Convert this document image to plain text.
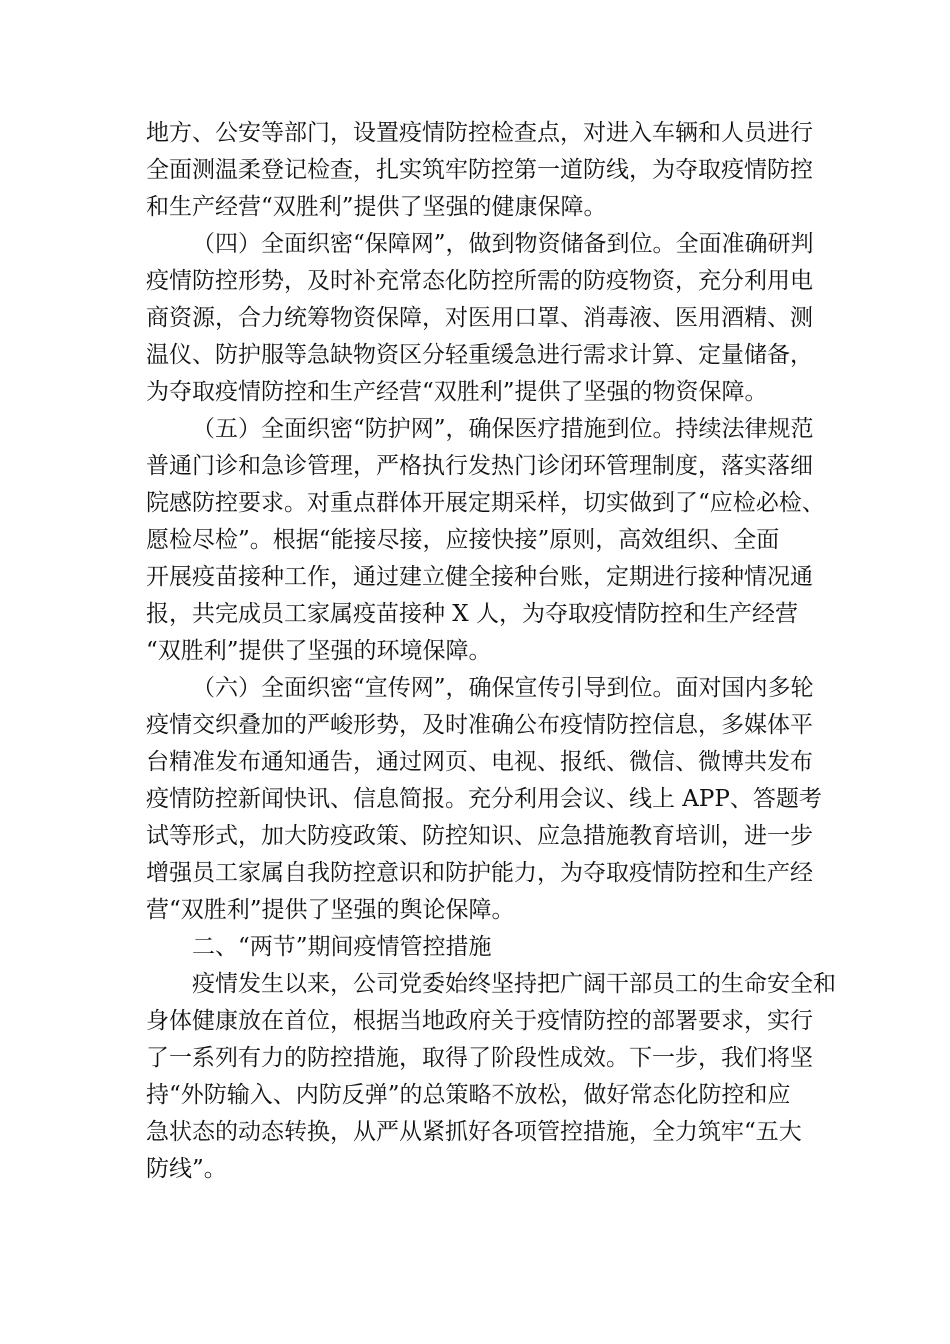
地方、公安等部门，设置疫情防控检查点，对进入车辆和人员进行
全面测温柔登记检查，扎实筑牢防控第一道防线，为夺取疫情防控
和生产经营“双胜利”提供了坚强的健康保障。

（四）全面织密“保障网”，做到物资储备到位。全面准确研判
疫情防控形势，及时补充常态化防控所需的防疫物资，充分利用电
商资源，合力统筹物资保障，对医用口罩、消毒液、医用酒精、测
温仪、防护服等急缺物资区分轻重缓急进行需求计算、定量储备，
为夺取疫情防控和生产经营“双胜利”提供了坚强的物资保障。

（五）全面织密“防护网”，确保医疗措施到位。持续法律规范
普通门诊和急诊管理，严格执行发热门诊闭环管理制度，落实落细
院感防控要求。对重点群体开展定期采样，切实做到了“应检必检、
愿检尽检”。根据“能接尽接，应接快接”原则，高效组织、全面
开展疫苗接种工作，通过建立健全接种台账，定期进行接种情况通
报，共完成员工家属疫苗接种 X 人，为夺取疫情防控和生产经营
“双胜利”提供了坚强的环境保障。

（六）全面织密“宣传网”，确保宣传引导到位。面对国内多轮
疫情交织叠加的严峻形势，及时准确公布疫情防控信息，多媒体平
台精准发布通知通告，通过网页、电视、报纸、微信、微博共发布
疫情防控新闻快讯、信息简报。充分利用会议、线上 APP、答题考
试等形式，加大防疫政策、防控知识、应急措施教育培训，进一步
增强员工家属自我防控意识和防护能力，为夺取疫情防控和生产经
营“双胜利”提供了坚强的舆论保障。

二、“两节”期间疫情管控措施

疫情发生以来，公司党委始终坚持把广阔干部员工的生命安全和
身体健康放在首位，根据当地政府关于疫情防控的部署要求，实行
了一系列有力的防控措施，取得了阶段性成效。下一步，我们将坚
持“外防输入、内防反弹”的总策略不放松，做好常态化防控和应
急状态的动态转换，从严从紧抓好各项管控措施，全力筑牢“五大
防线”。
